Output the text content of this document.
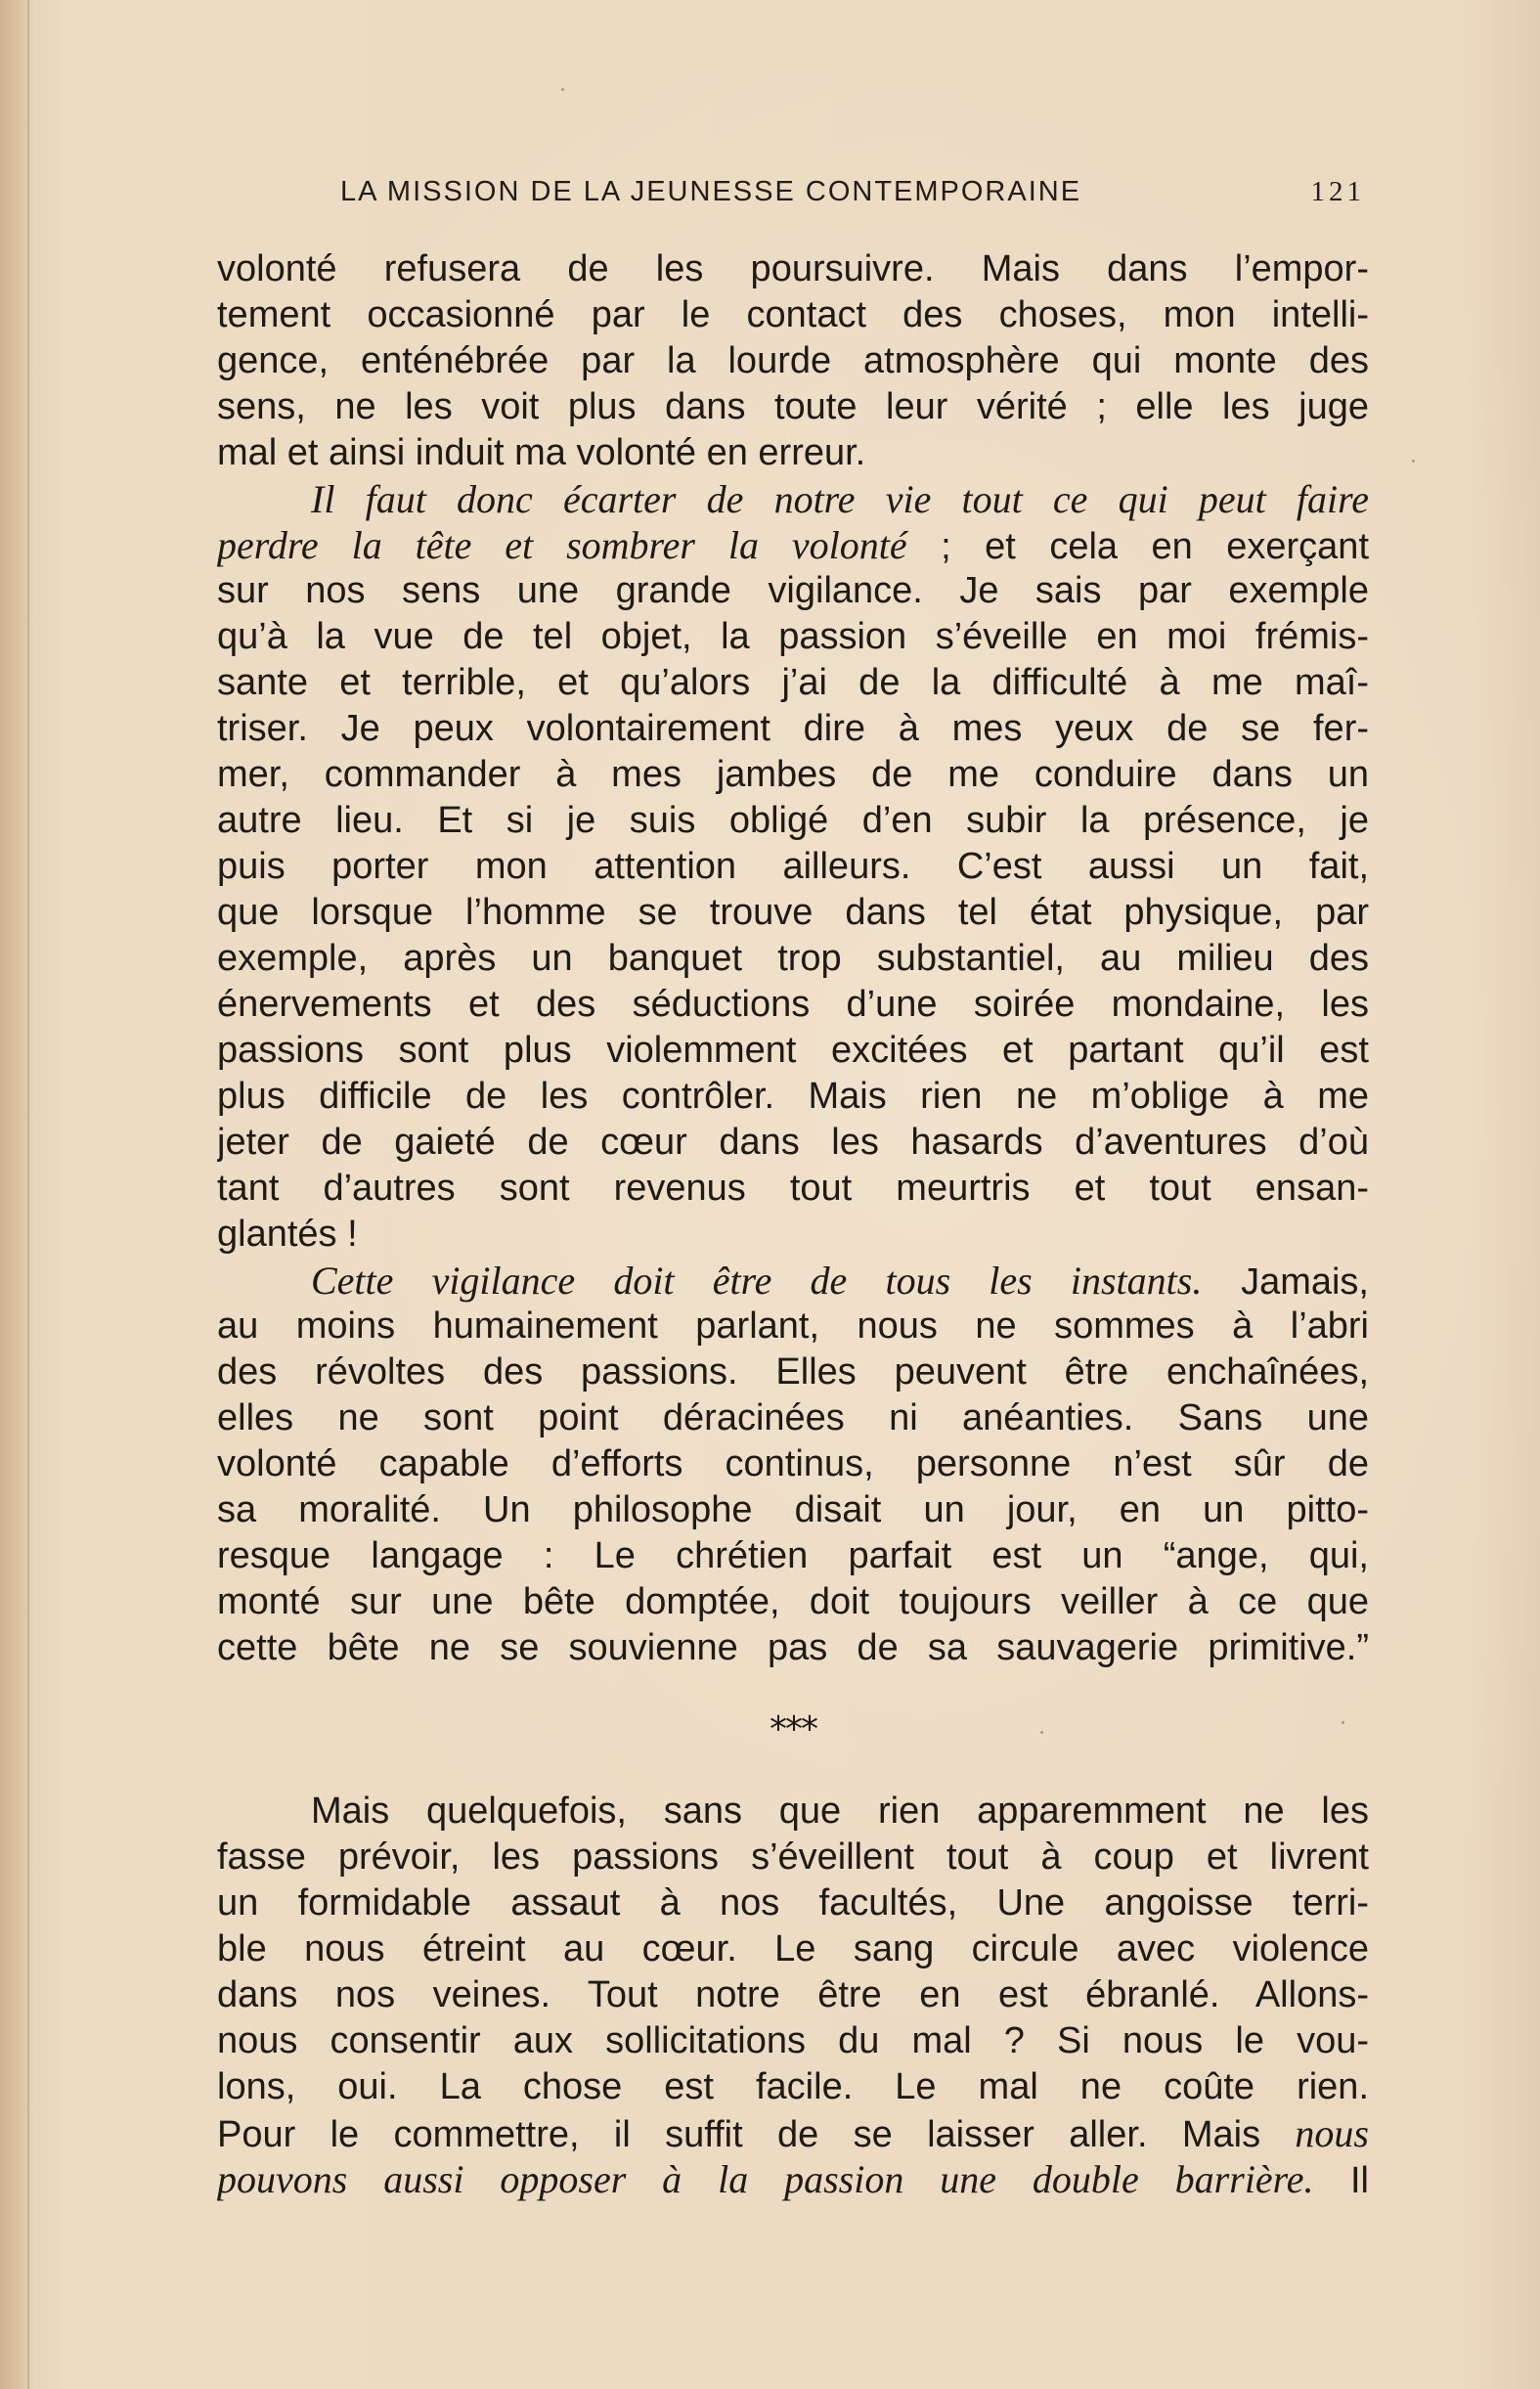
LA MISSION DE LA JEUNESSE CONTEMPORAINE	121
volonté refusera de les poursuivre. Mais dans l’empor-
tement occasionné par le contact des choses, mon intelli-
gence, enténébrée par la lourde atmosphère qui monte des
sens, ne les voit plus dans toute leur vérité ; elle les juge
mal et ainsi induit ma volonté en erreur.
Il faut donc écarter de notre vie tout ce qui peut faire
perdre la tête et sombrer la volonté ; et cela en exerçant
sur nos sens une grande vigilance. Je sais par exemple
qu’à la vue de tel objet, la passion s’éveille en moi frémis-
sante et terrible, et qu’alors j’ai de la difficulté à me maî-
triser. Je peux volontairement dire à mes yeux de se fer-
mer, commander à mes jambes de me conduire dans un
autre lieu. Et si je suis obligé d’en subir la présence, je
puis porter mon attention ailleurs. C’est aussi un fait,
que lorsque l’homme se trouve dans tel état physique, par
exemple, après un banquet trop substantiel, au milieu des
énervements et des séductions d’une soirée mondaine, les
passions sont plus violemment excitées et partant qu’il est
plus difficile de les contrôler. Mais rien ne m’oblige à me
jeter de gaieté de cœur dans les hasards d’aventures d’où
tant d’autres sont revenus tout meurtris et tout ensan-
glantés !
Cette vigilance doit être de tous les instants. Jamais,
au moins humainement parlant, nous ne sommes à l’abri
des révoltes des passions. Elles peuvent être enchaînées,
elles ne sont point déracinées ni anéanties. Sans une
volonté capable d’efforts continus, personne n’est sûr de
sa moralité. Un philosophe disait un jour, en un pitto-
resque langage : Le chrétien parfait est un “ange, qui,
monté sur une bête domptée, doit toujours veiller à ce que
cette bête ne se souvienne pas de sa sauvagerie primitive.”
***
Mais quelquefois, sans que rien apparemment ne les
fasse prévoir, les passions s’éveillent tout à coup et livrent
un formidable assaut à nos facultés, Une angoisse terri-
ble nous étreint au cœur. Le sang circule avec violence
dans nos veines. Tout notre être en est ébranlé. Allons-
nous consentir aux sollicitations du mal ? Si nous le vou-
lons, oui. La chose est facile. Le mal ne coûte rien.
Pour le commettre, il suffit de se laisser aller. Mais nous
pouvons aussi opposer à la passion une double barrière. Il
